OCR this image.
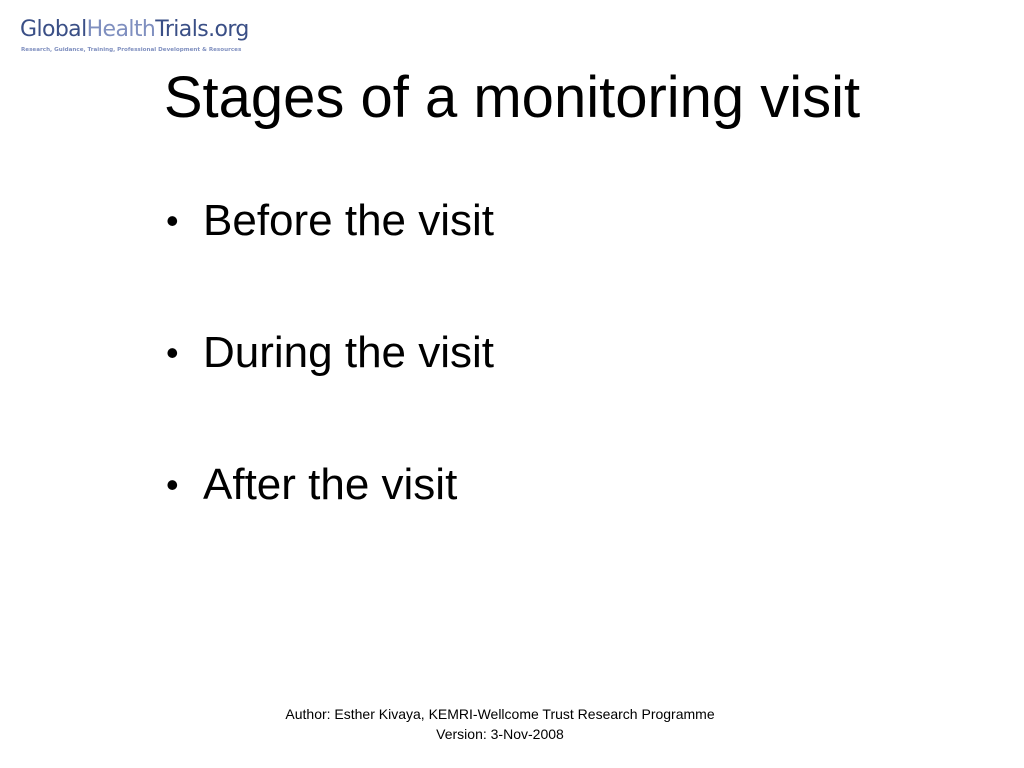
GlobalHealthTrials.org
Research, Guidance, Training, Professional Development & Resources
Stages of a monitoring visit
• Before the visit
• During the visit
• After the visit
Author: Esther Kivaya, KEMRI-Wellcome Trust Research Programme
Version: 3-Nov-2008
